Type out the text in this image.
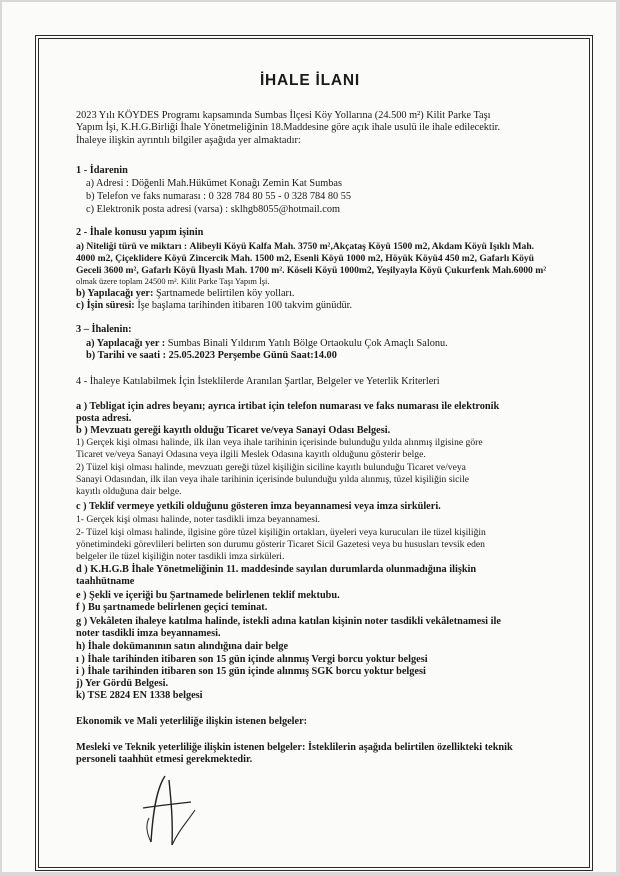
İHALE İLANI
2023 Yılı KÖYDES Programı kapsamında Sumbas İlçesi Köy Yollarına (24.500 m²) Kilit Parke Taşı
Yapım İşi, K.H.G.Birliği İhale Yönetmeliğinin 18.Maddesine göre açık ihale usulü ile ihale edilecektir.
İhaleye ilişkin ayrıntılı bilgiler aşağıda yer almaktadır:
1 - İdarenin
a) Adresi : Döğenli Mah.Hükümet Konağı Zemin Kat Sumbas
b) Telefon ve faks numarası : 0 328 784 80 55 - 0 328 784 80 55
c) Elektronik posta adresi (varsa) : sklhgb8055@hotmail.com
2 - İhale konusu yapım işinin
a) Niteliği türü ve miktarı : Alibeyli Köyü Kalfa Mah. 3750 m²,Akçataş Köyü 1500 m2, Akdam Köyü Işıklı Mah.
4000 m2, Çiçeklidere Köyü Zincercik Mah. 1500 m2, Esenli Köyü 1000 m2, Höyük Köyü4 450 m2, Gafarlı Köyü
Geceli 3600 m², Gafarlı Köyü İlyaslı Mah. 1700 m². Köseli Köyü 1000m2, Yeşilyayla Köyü Çukurfenk Mah.6000 m²
olmak üzere toplam 24500 m². Kilit Parke Taşı Yapım İşi.
b) Yapılacağı yer: Şartnamede belirtilen köy yolları.
c) İşin süresi: İşe başlama tarihinden itibaren 100 takvim günüdür.
3 – İhalenin:
a) Yapılacağı yer : Sumbas Binali Yıldırım Yatılı Bölge Ortaokulu Çok Amaçlı Salonu.
b) Tarihi ve saati : 25.05.2023 Perşembe Günü Saat:14.00
4 - İhaleye Katılabilmek İçin İsteklilerde Aranılan Şartlar, Belgeler ve Yeterlik Kriterleri
a ) Tebligat için adres beyanı; ayrıca irtibat için telefon numarası ve faks numarası ile elektronik
posta adresi.
b ) Mevzuatı gereği kayıtlı olduğu Ticaret ve/veya Sanayi Odası Belgesi.
1) Gerçek kişi olması halinde, ilk ilan veya ihale tarihinin içerisinde bulunduğu yılda alınmış ilgisine göre
Ticaret ve/veya Sanayi Odasına veya ilgili Meslek Odasına kayıtlı olduğunu gösterir belge.
2) Tüzel kişi olması halinde, mevzuatı gereği tüzel kişiliğin siciline kayıtlı bulunduğu Ticaret ve/veya
Sanayi Odasından, ilk ilan veya ihale tarihinin içerisinde bulunduğu yılda alınmış, tüzel kişiliğin sicile
kayıtlı olduğuna dair belge.
c ) Teklif vermeye yetkili olduğunu gösteren imza beyannamesi veya imza sirküleri.
1- Gerçek kişi olması halinde, noter tasdikli imza beyannamesi.
2- Tüzel kişi olması halinde, ilgisine göre tüzel kişiliğin ortakları, üyeleri veya kurucuları ile tüzel kişiliğin
yönetimindeki görevlileri belirten son durumu gösterir Ticaret Sicil Gazetesi veya bu hususları tevsik eden
belgeler ile tüzel kişiliğin noter tasdikli imza sirküleri.
d ) K.H.G.B İhale Yönetmeliğinin 11. maddesinde sayılan durumlarda olunmadığına ilişkin
taahhütname
e ) Şekli ve içeriği bu Şartnamede belirlenen teklif mektubu.
f ) Bu şartnamede belirlenen geçici teminat.
g ) Vekâleten ihaleye katılma halinde, istekli adına katılan kişinin noter tasdikli vekâletnamesi ile
noter tasdikli imza beyannamesi.
h) İhale dokümanının satın alındığına dair belge
ı ) İhale tarihinden itibaren son 15 gün içinde alınmış Vergi borcu yoktur belgesi
i ) İhale tarihinden itibaren son 15 gün içinde alınmış SGK borcu yoktur belgesi
j) Yer Gördü Belgesi.
k) TSE 2824 EN 1338 belgesi
Ekonomik ve Mali yeterliliğe ilişkin istenen belgeler:
Mesleki ve Teknik yeterliliğe ilişkin istenen belgeler: İsteklilerin aşağıda belirtilen özellikteki teknik
personeli taahhüt etmesi gerekmektedir.
